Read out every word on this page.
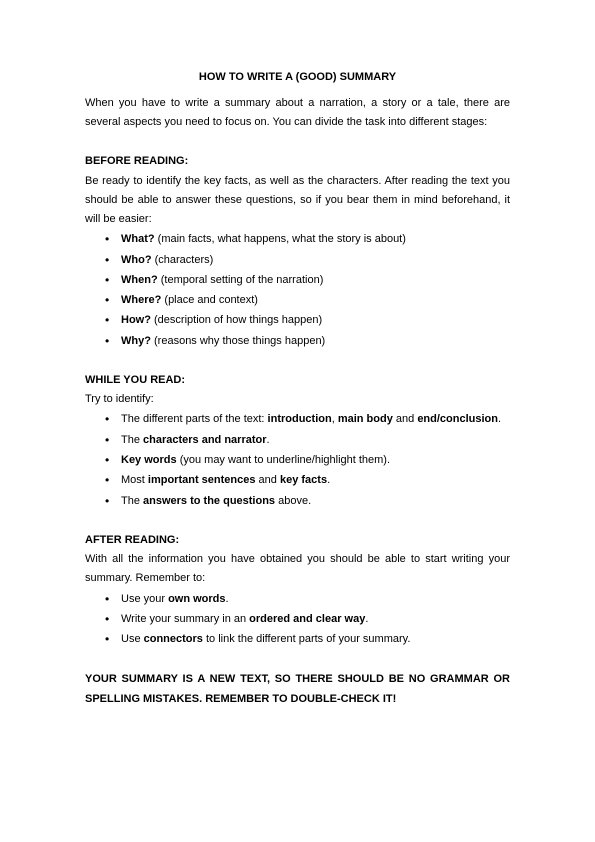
HOW TO WRITE A (GOOD) SUMMARY

When you have to write a summary about a narration, a story or a tale, there are several aspects you need to focus on. You can divide the task into different stages:

BEFORE READING:

Be ready to identify the key facts, as well as the characters. After reading the text you should be able to answer these questions, so if you bear them in mind beforehand, it will be easier:

• What? (main facts, what happens, what the story is about)
• Who? (characters)
• When? (temporal setting of the narration)
• Where? (place and context)
• How? (description of how things happen)
• Why? (reasons why those things happen)
WHILE YOU READ:

Try to identify:

• The different parts of the text: introduction, main body and end/conclusion.
• The characters and narrator.
• Key words (you may want to underline/highlight them).
• Most important sentences and key facts.
• The answers to the questions above.
AFTER READING:

With all the information you have obtained you should be able to start writing your summary. Remember to:

• Use your own words.
• Write your summary in an ordered and clear way.
• Use connectors to link the different parts of your summary.

YOUR SUMMARY IS A NEW TEXT, SO THERE SHOULD BE NO GRAMMAR OR SPELLING MISTAKES. REMEMBER TO DOUBLE-CHECK IT!
